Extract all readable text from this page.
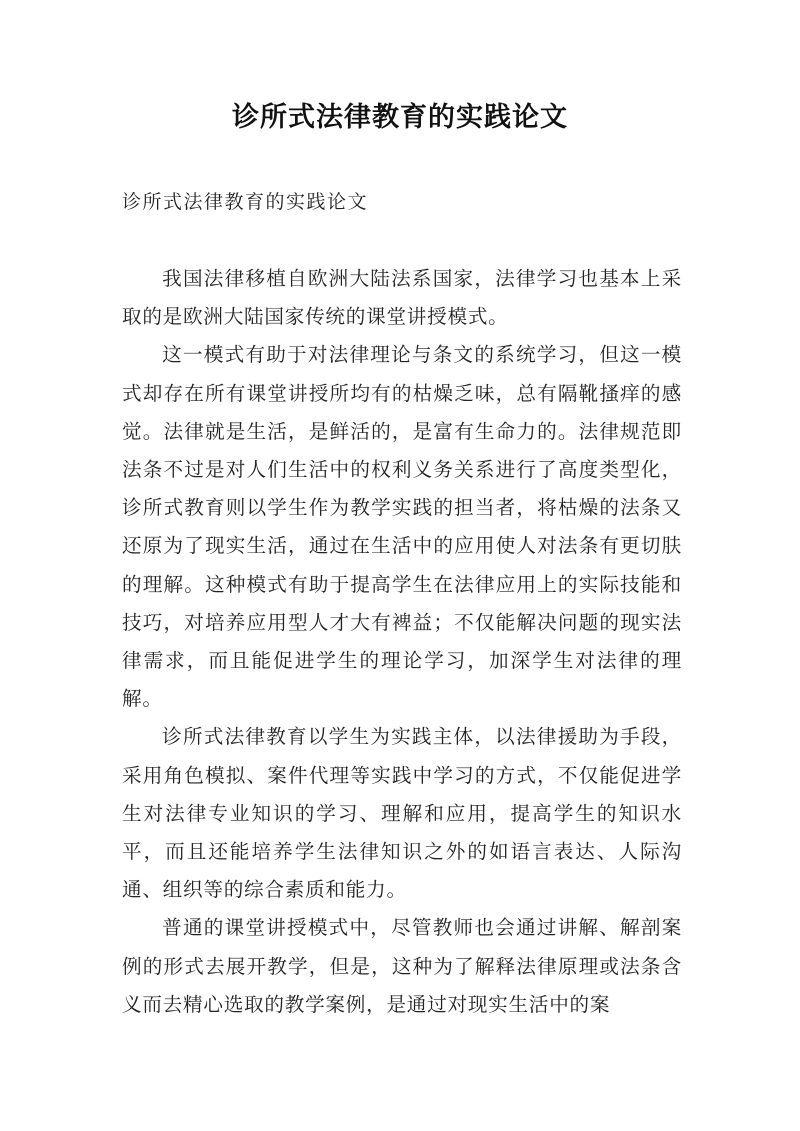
诊所式法律教育的实践论文
诊所式法律教育的实践论文

我国法律移植自欧洲大陆法系国家，法律学习也基本上采取的是欧洲大陆国家传统的课堂讲授模式。

这一模式有助于对法律理论与条文的系统学习，但这一模式却存在所有课堂讲授所均有的枯燥乏味，总有隔靴搔痒的感觉。法律就是生活，是鲜活的，是富有生命力的。法律规范即法条不过是对人们生活中的权利义务关系进行了高度类型化，诊所式教育则以学生作为教学实践的担当者，将枯燥的法条又还原为了现实生活，通过在生活中的应用使人对法条有更切肤的理解。这种模式有助于提高学生在法律应用上的实际技能和技巧，对培养应用型人才大有裨益；不仅能解决问题的现实法律需求，而且能促进学生的理论学习，加深学生对法律的理解。

诊所式法律教育以学生为实践主体，以法律援助为手段，采用角色模拟、案件代理等实践中学习的方式，不仅能促进学生对法律专业知识的学习、理解和应用，提高学生的知识水平，而且还能培养学生法律知识之外的如语言表达、人际沟通、组织等的综合素质和能力。

普通的课堂讲授模式中，尽管教师也会通过讲解、解剖案例的形式去展开教学，但是，这种为了解释法律原理或法条含义而去精心选取的教学案例，是通过对现实生活中的案
